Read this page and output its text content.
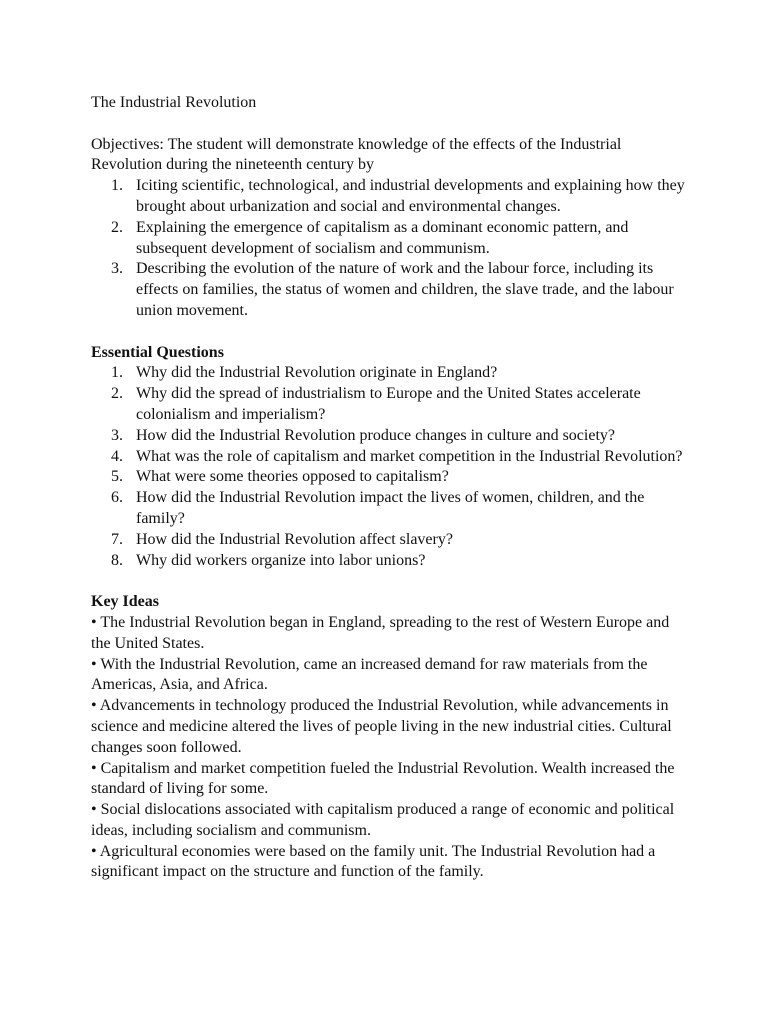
The Industrial Revolution
Objectives: The student will demonstrate knowledge of the effects of the Industrial Revolution during the nineteenth century by
1. Iciting scientific, technological, and industrial developments and explaining how they brought about urbanization and social and environmental changes.
2. Explaining the emergence of capitalism as a dominant economic pattern, and subsequent development of socialism and communism.
3. Describing the evolution of the nature of work and the labour force, including its effects on families, the status of women and children, the slave trade, and the labour union movement.
Essential Questions
1. Why did the Industrial Revolution originate in England?
2. Why did the spread of industrialism to Europe and the United States accelerate colonialism and imperialism?
3. How did the Industrial Revolution produce changes in culture and society?
4. What was the role of capitalism and market competition in the Industrial Revolution?
5. What were some theories opposed to capitalism?
6. How did the Industrial Revolution impact the lives of women, children, and the family?
7. How did the Industrial Revolution affect slavery?
8. Why did workers organize into labor unions?
Key Ideas
• The Industrial Revolution began in England, spreading to the rest of Western Europe and the United States.
• With the Industrial Revolution, came an increased demand for raw materials from the Americas, Asia, and Africa.
• Advancements in technology produced the Industrial Revolution, while advancements in science and medicine altered the lives of people living in the new industrial cities. Cultural changes soon followed.
• Capitalism and market competition fueled the Industrial Revolution. Wealth increased the standard of living for some.
• Social dislocations associated with capitalism produced a range of economic and political ideas, including socialism and communism.
• Agricultural economies were based on the family unit. The Industrial Revolution had a significant impact on the structure and function of the family.
